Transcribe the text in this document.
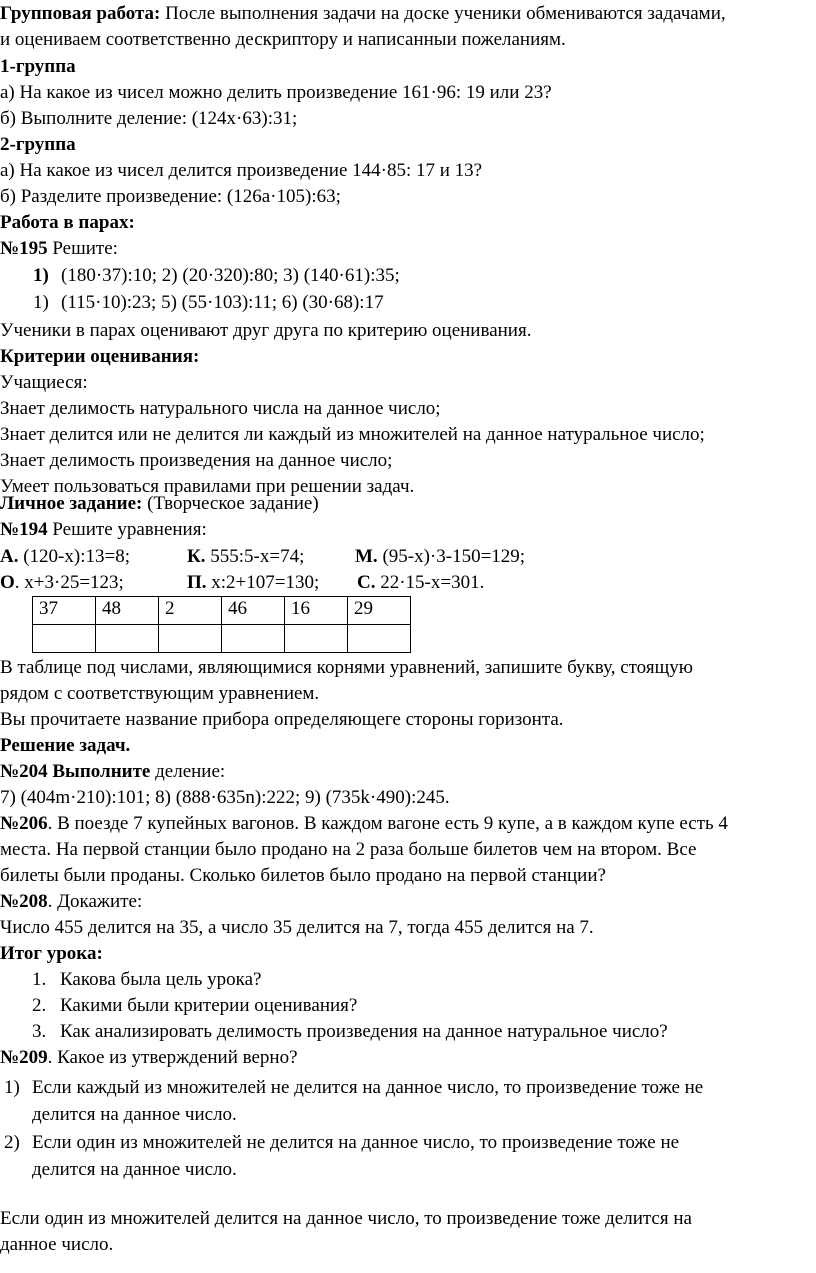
Групповая работа: После выполнения задачи на доске ученики обмениваются задачами,
и оцениваем соответственно дескриптору и написанныи пожеланиям.
1-группа
а) На какое из чисел можно делить произведение 161·96: 19 или 23?
б) Выполните деление: (124х·63):31;
2-группа
а) На какое из чисел делится произведение 144·85: 17 и 13?
б) Разделите произведение: (126а·105):63;
Работа в парах:
№195 Решите:
1) (180·37):10; 2) (20·320):80; 3) (140·61):35;
1) (115·10):23; 5) (55·103):11; 6) (30·68):17
Ученики в парах оценивают друг друга по критерию оценивания.
Критерии оценивания:
Учащиеся:
Знает делимость натурального числа на данное число;
Знает делится или не делится ли каждый из множителей на данное натуральное число;
Знает делимость произведения на данное число;
Умеет пользоваться правилами при решении задач.
Личное задание: (Творческое задание)
№194 Решите уравнения:
А. (120-х):13=8;	К. 555:5-х=74;	М. (95-х)·3-150=129;
О. х+3·25=123;	П. х:2+107=130; С. 22·15-х=301.
37	48	2	46	16	29

В таблице под числами, являющимися корнями уравнений, запишите букву, стоящую
рядом с соответствующим уравнением.
Вы прочитаете название прибора определяющеге стороны горизонта.
Решение задач.
№204 Выполните деление:
7) (404m·210):101; 8) (888·635n):222; 9) (735k·490):245.
№206. В поезде 7 купейных вагонов. В каждом вагоне есть 9 купе, а в каждом купе есть 4
места. На первой станции было продано на 2 раза больше билетов чем на втором. Все
билеты были проданы. Сколько билетов было продано на первой станции?
№208. Докажите:
Число 455 делится на 35, а число 35 делится на 7, тогда 455 делится на 7.
Итог урока:
1. Какова была цель урока?
2. Какими были критерии оценивания?
3. Как анализировать делимость произведения на данное натуральное число?
№209. Какое из утверждений верно?
1) Если каждый из множителей не делится на данное число, то произведение тоже не
делится на данное число.
2) Если один из множителей не делится на данное число, то произведение тоже не
делится на данное число.
Если один из множителей делится на данное число, то произведение тоже делится на
данное число.
